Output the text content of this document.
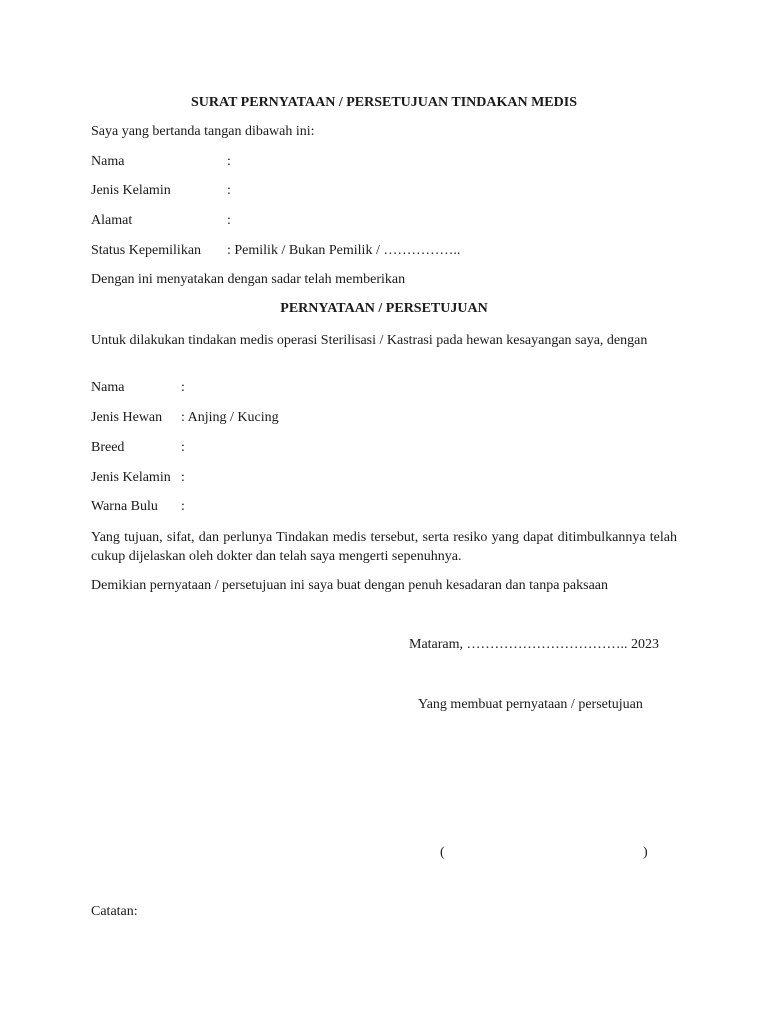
SURAT PERNYATAAN / PERSETUJUAN TINDAKAN MEDIS
Saya yang bertanda tangan dibawah ini:
Nama	:
Jenis Kelamin	:
Alamat	:
Status Kepemilikan : Pemilik / Bukan Pemilik / ……………..
Dengan ini menyatakan dengan sadar telah memberikan
PERNYATAAN / PERSETUJUAN
Untuk dilakukan tindakan medis operasi Sterilisasi / Kastrasi pada hewan kesayangan saya, dengan
Nama	:
Jenis Hewan : Anjing / Kucing
Breed	:
Jenis Kelamin :
Warna Bulu :
Yang tujuan, sifat, dan perlunya Tindakan medis tersebut, serta resiko yang dapat ditimbulkannya telah cukup dijelaskan oleh dokter dan telah saya mengerti sepenuhnya.
Demikian pernyataan / persetujuan ini saya buat dengan penuh kesadaran dan tanpa paksaan
Mataram, …………………………….. 2023
Yang membuat pernyataan / persetujuan
(	)
Catatan:
